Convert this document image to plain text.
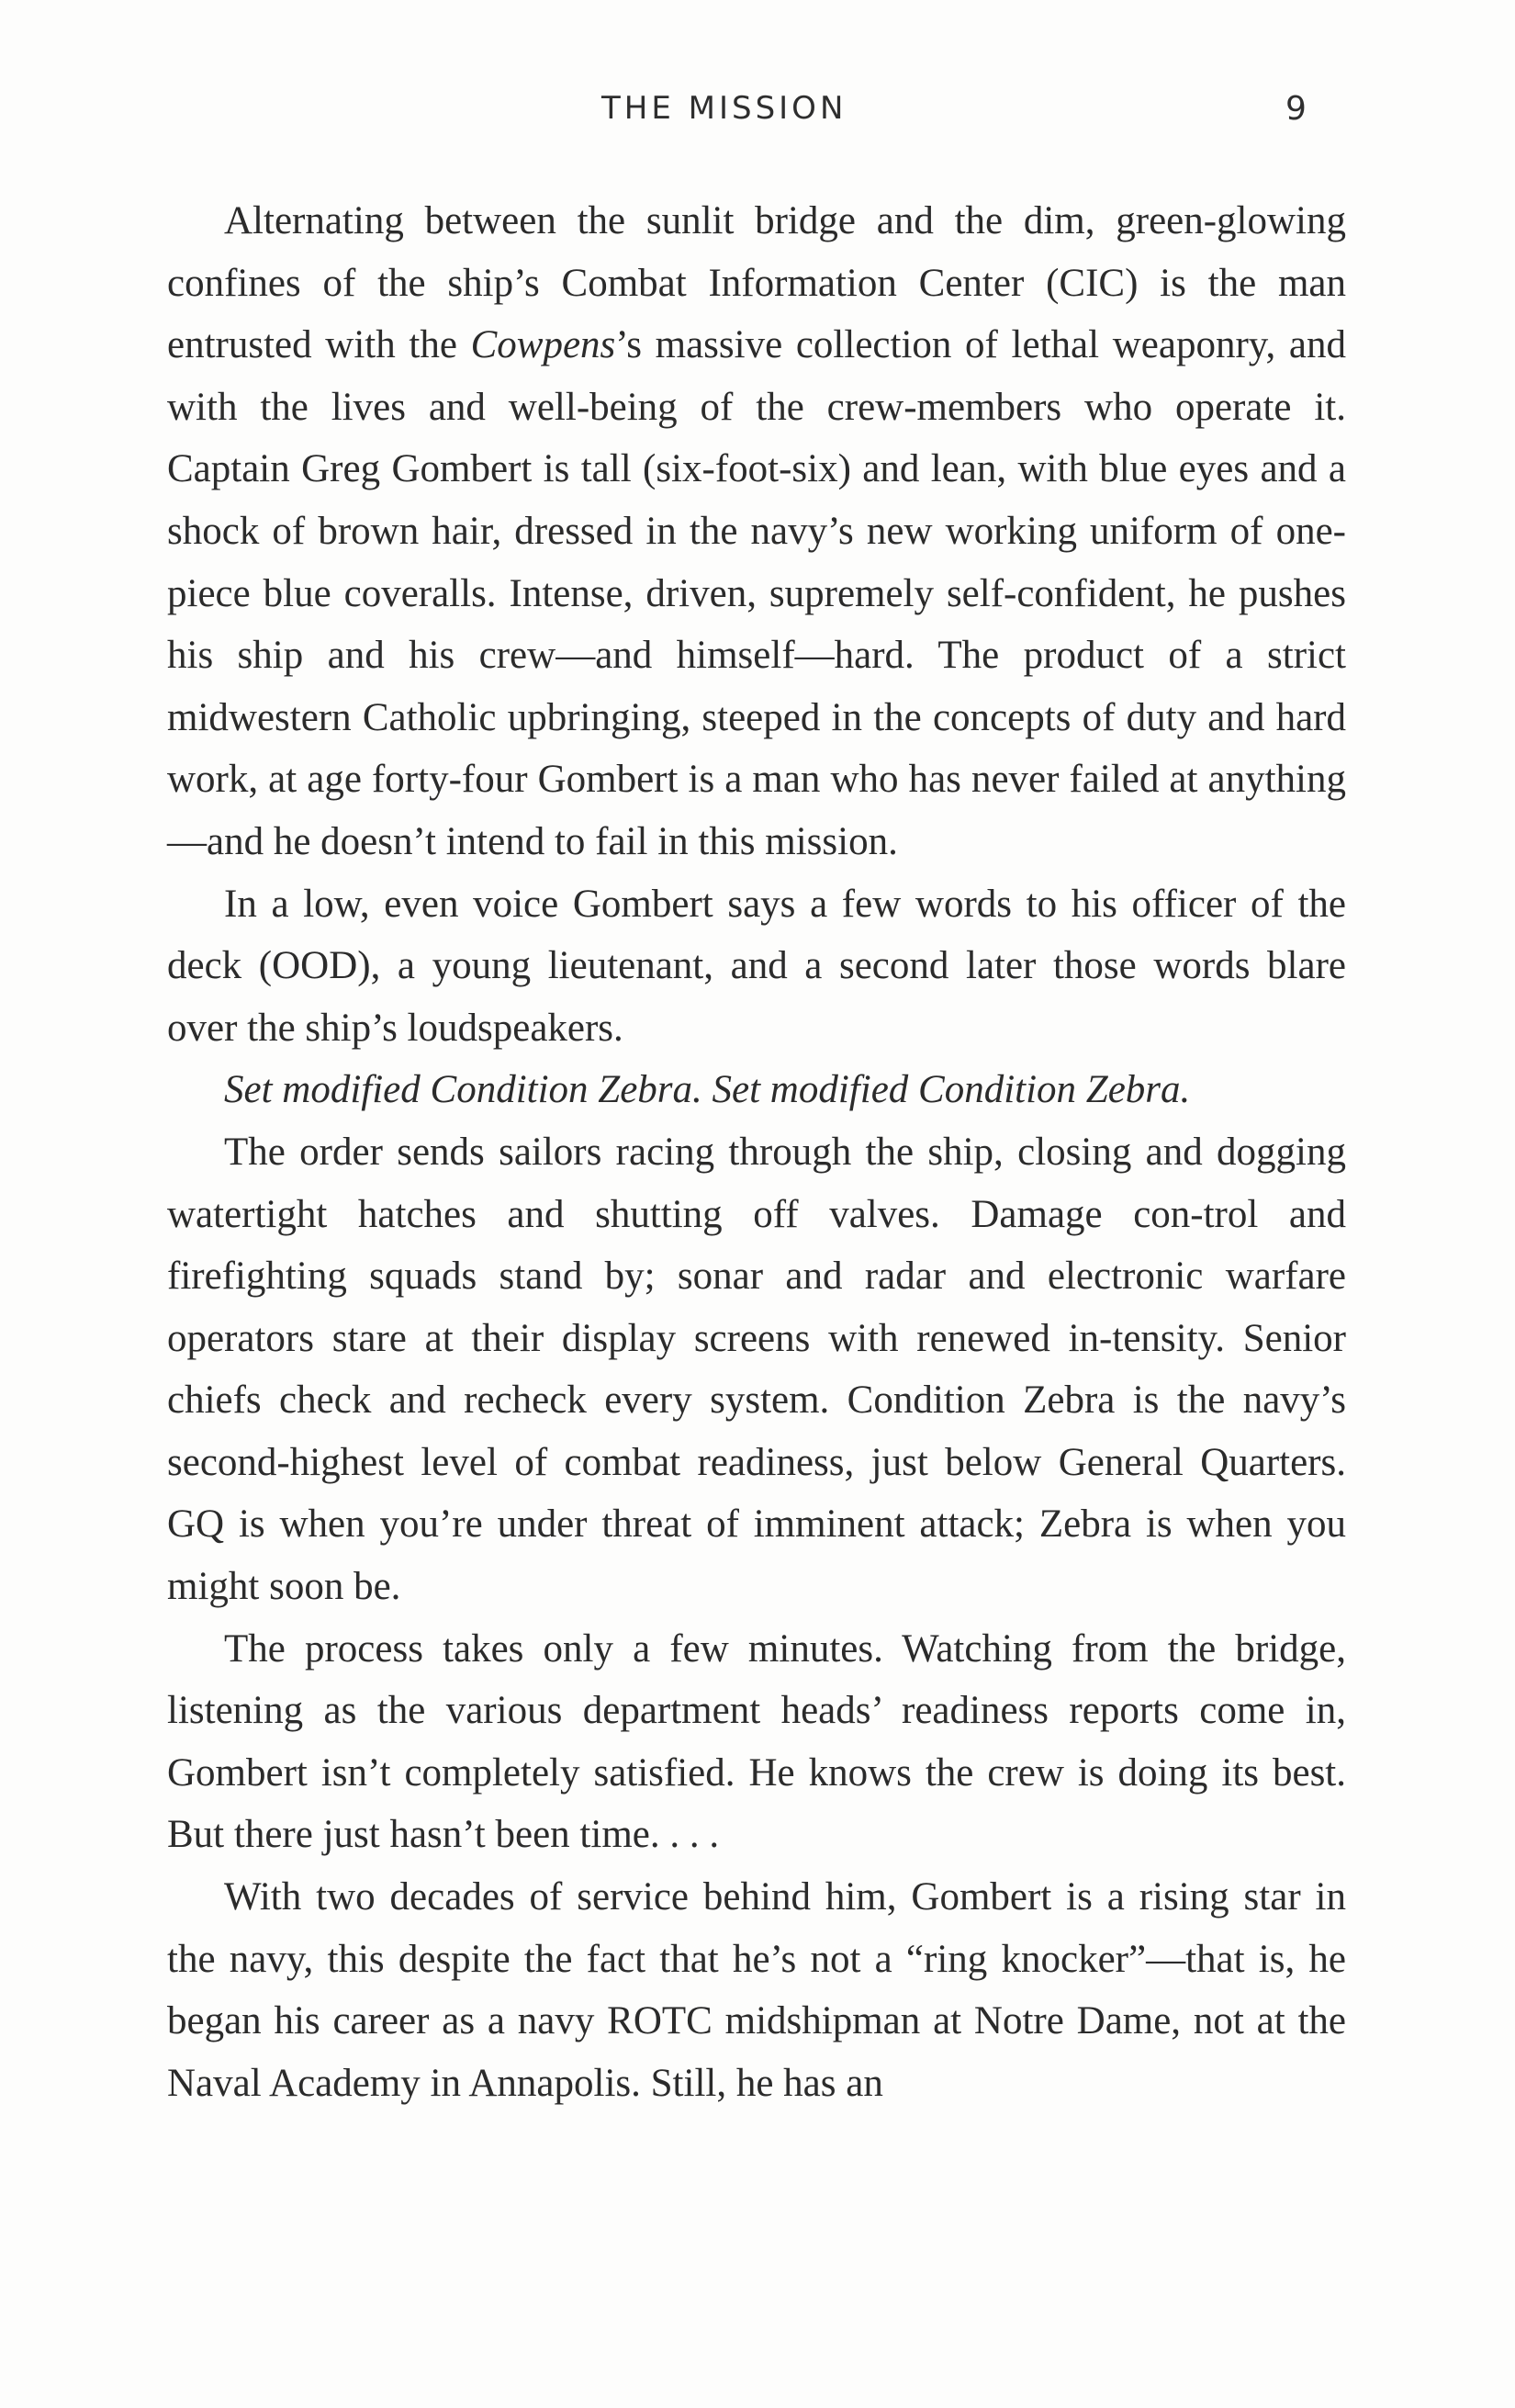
THE MISSION	9

Alternating between the sunlit bridge and the dim, green-glowing confines of the ship’s Combat Information Center (CIC) is the man entrusted with the Cowpens’s massive collection of lethal weaponry, and with the lives and well-being of the crew-members who operate it. Captain Greg Gombert is tall (six-foot-six) and lean, with blue eyes and a shock of brown hair, dressed in the navy’s new working uniform of one-piece blue coveralls. Intense, driven, supremely self-confident, he pushes his ship and his crew—and himself—hard. The product of a strict midwestern Catholic upbringing, steeped in the concepts of duty and hard work, at age forty-four Gombert is a man who has never failed at anything—and he doesn’t intend to fail in this mission.

In a low, even voice Gombert says a few words to his officer of the deck (OOD), a young lieutenant, and a second later those words blare over the ship’s loudspeakers.

Set modified Condition Zebra. Set modified Condition Zebra.

The order sends sailors racing through the ship, closing and dogging watertight hatches and shutting off valves. Damage con-trol and firefighting squads stand by; sonar and radar and electronic warfare operators stare at their display screens with renewed in-tensity. Senior chiefs check and recheck every system. Condition Zebra is the navy’s second-highest level of combat readiness, just below General Quarters. GQ is when you’re under threat of imminent attack; Zebra is when you might soon be.

The process takes only a few minutes. Watching from the bridge, listening as the various department heads’ readiness reports come in, Gombert isn’t completely satisfied. He knows the crew is doing its best. But there just hasn’t been time. . . .

With two decades of service behind him, Gombert is a rising star in the navy, this despite the fact that he’s not a “ring knocker”—that is, he began his career as a navy ROTC midshipman at Notre Dame, not at the Naval Academy in Annapolis. Still, he has an
